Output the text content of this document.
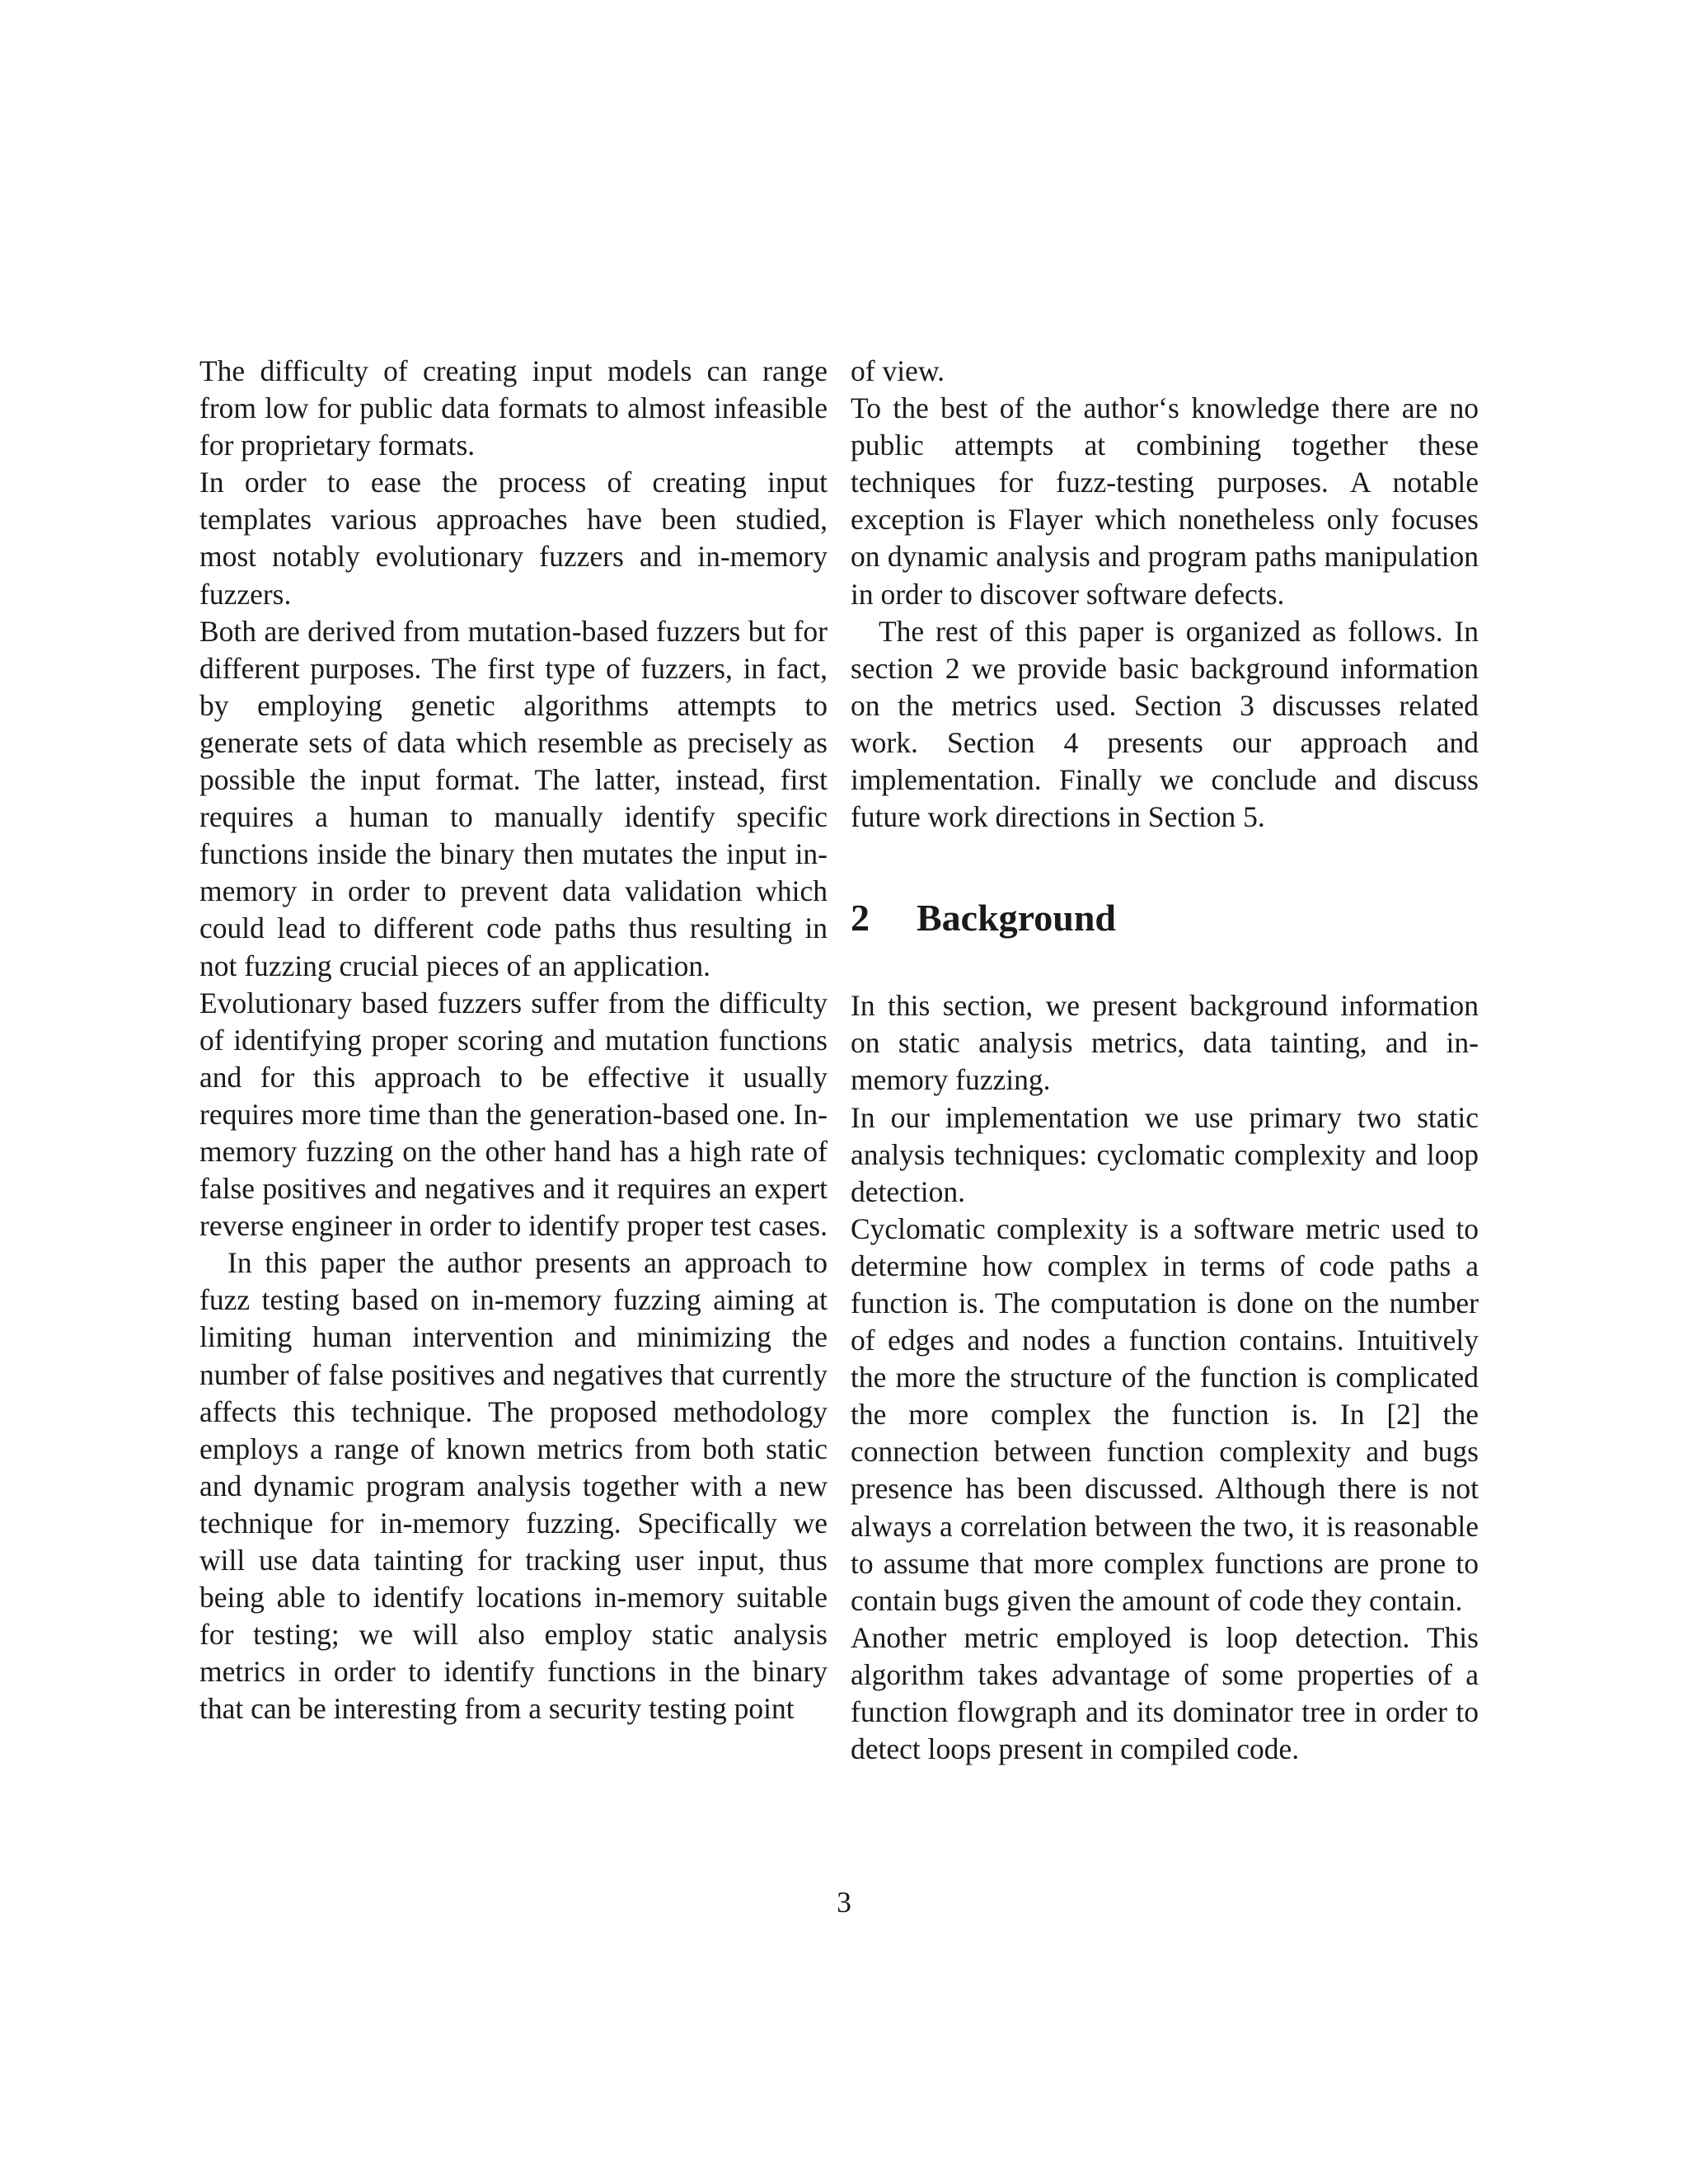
The difficulty of creating input models can range from low for public data formats to almost infeasible for proprietary formats.

In order to ease the process of creating input templates various approaches have been studied, most notably evolutionary fuzzers and in-memory fuzzers.

Both are derived from mutation-based fuzzers but for different purposes. The first type of fuzzers, in fact, by employing genetic algorithms attempts to generate sets of data which resemble as precisely as possible the input format. The latter, instead, first requires a human to manually identify specific functions inside the binary then mutates the input in-memory in order to prevent data validation which could lead to different code paths thus resulting in not fuzzing crucial pieces of an application.

Evolutionary based fuzzers suffer from the difficulty of identifying proper scoring and mutation functions and for this approach to be effective it usually requires more time than the generation-based one. In-memory fuzzing on the other hand has a high rate of false positives and negatives and it requires an expert reverse engineer in order to identify proper test cases.

In this paper the author presents an approach to fuzz testing based on in-memory fuzzing aiming at limiting human intervention and minimizing the number of false positives and negatives that currently affects this technique. The proposed methodology employs a range of known metrics from both static and dynamic program analysis together with a new technique for in-memory fuzzing. Specifically we will use data tainting for tracking user input, thus being able to identify locations in-memory suitable for testing; we will also employ static analysis metrics in order to identify functions in the binary that can be interesting from a security testing point

of view.

To the best of the author‘s knowledge there are no public attempts at combining together these techniques for fuzz-testing purposes. A notable exception is Flayer which nonetheless only focuses on dynamic analysis and program paths manipulation in order to discover software defects.

The rest of this paper is organized as follows. In section 2 we provide basic background information on the metrics used. Section 3 discusses related work. Section 4 presents our approach and implementation. Finally we conclude and discuss future work directions in Section 5.

2	Background

In this section, we present background information on static analysis metrics, data tainting, and in-memory fuzzing.

In our implementation we use primary two static analysis techniques: cyclomatic complexity and loop detection.

Cyclomatic complexity is a software metric used to determine how complex in terms of code paths a function is. The computation is done on the number of edges and nodes a function contains. Intuitively the more the structure of the function is complicated the more complex the function is. In [2] the connection between function complexity and bugs presence has been discussed. Although there is not always a correlation between the two, it is reasonable to assume that more complex functions are prone to contain bugs given the amount of code they contain.

Another metric employed is loop detection. This algorithm takes advantage of some properties of a function flowgraph and its dominator tree in order to detect loops present in compiled code.

3
